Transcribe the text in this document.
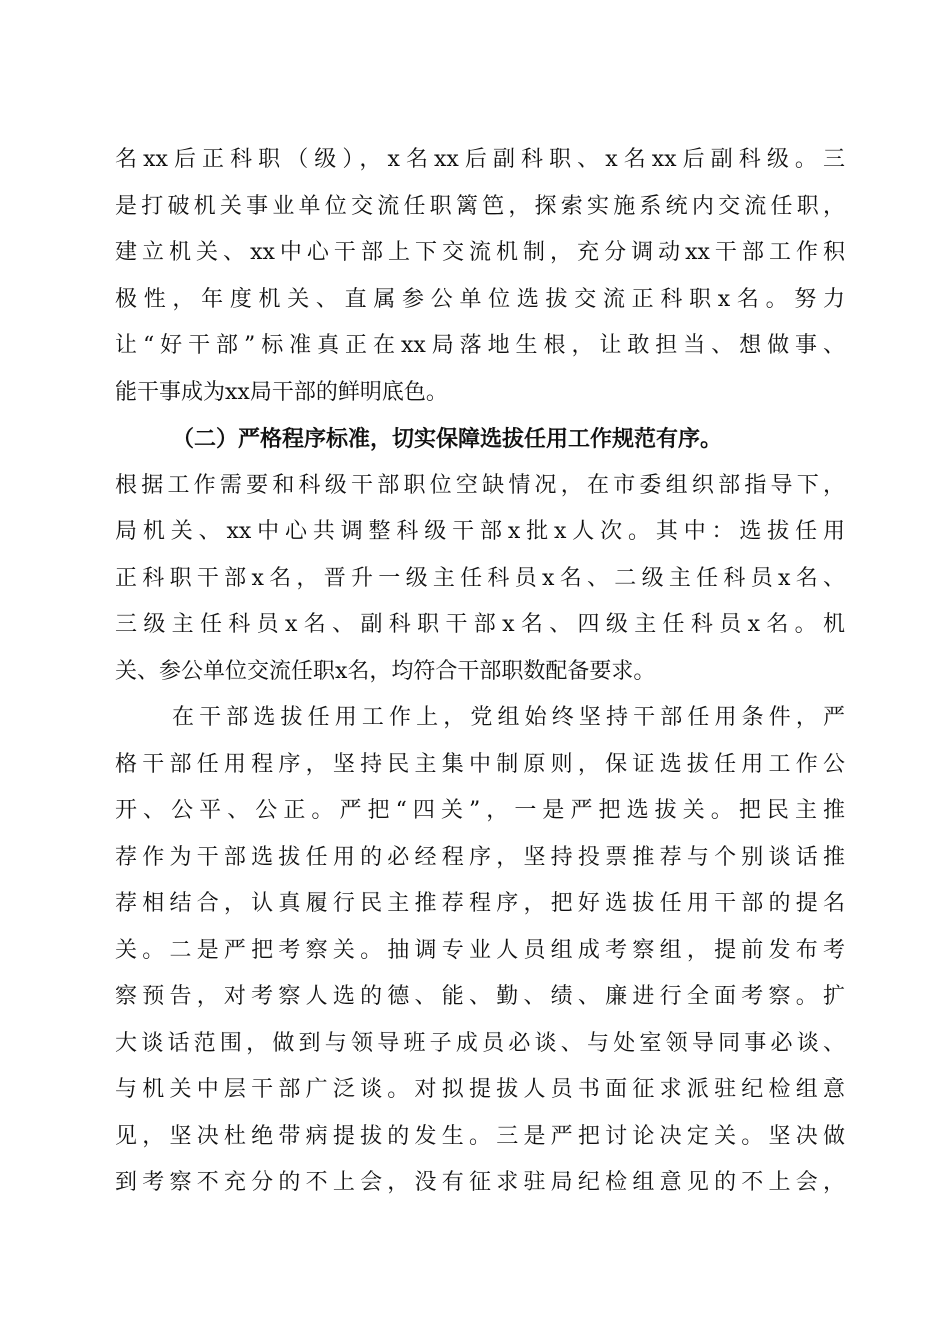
名xx后正科职（级），x名xx后副科职、x名xx后副科级。三
是打破机关事业单位交流任职篱笆，探索实施系统内交流任职，
建立机关、xx中心干部上下交流机制，充分调动xx干部工作积
极性，年度机关、直属参公单位选拔交流正科职x名。努力
让“好干部”标准真正在xx局落地生根，让敢担当、想做事、
能干事成为xx局干部的鲜明底色。
（二）严格程序标准，切实保障选拔任用工作规范有序。
根据工作需要和科级干部职位空缺情况，在市委组织部指导下，
局机关、xx中心共调整科级干部x批x人次。其中：选拔任用
正科职干部x名，晋升一级主任科员x名、二级主任科员x名、
三级主任科员x名、副科职干部x名、四级主任科员x名。机
关、参公单位交流任职x名，均符合干部职数配备要求。
在干部选拔任用工作上，党组始终坚持干部任用条件，严
格干部任用程序，坚持民主集中制原则，保证选拔任用工作公
开、公平、公正。严把“四关”，一是严把选拔关。把民主推
荐作为干部选拔任用的必经程序，坚持投票推荐与个别谈话推
荐相结合，认真履行民主推荐程序，把好选拔任用干部的提名
关。二是严把考察关。抽调专业人员组成考察组，提前发布考
察预告，对考察人选的德、能、勤、绩、廉进行全面考察。扩
大谈话范围，做到与领导班子成员必谈、与处室领导同事必谈、
与机关中层干部广泛谈。对拟提拔人员书面征求派驻纪检组意
见，坚决杜绝带病提拔的发生。三是严把讨论决定关。坚决做
到考察不充分的不上会，没有征求驻局纪检组意见的不上会，
